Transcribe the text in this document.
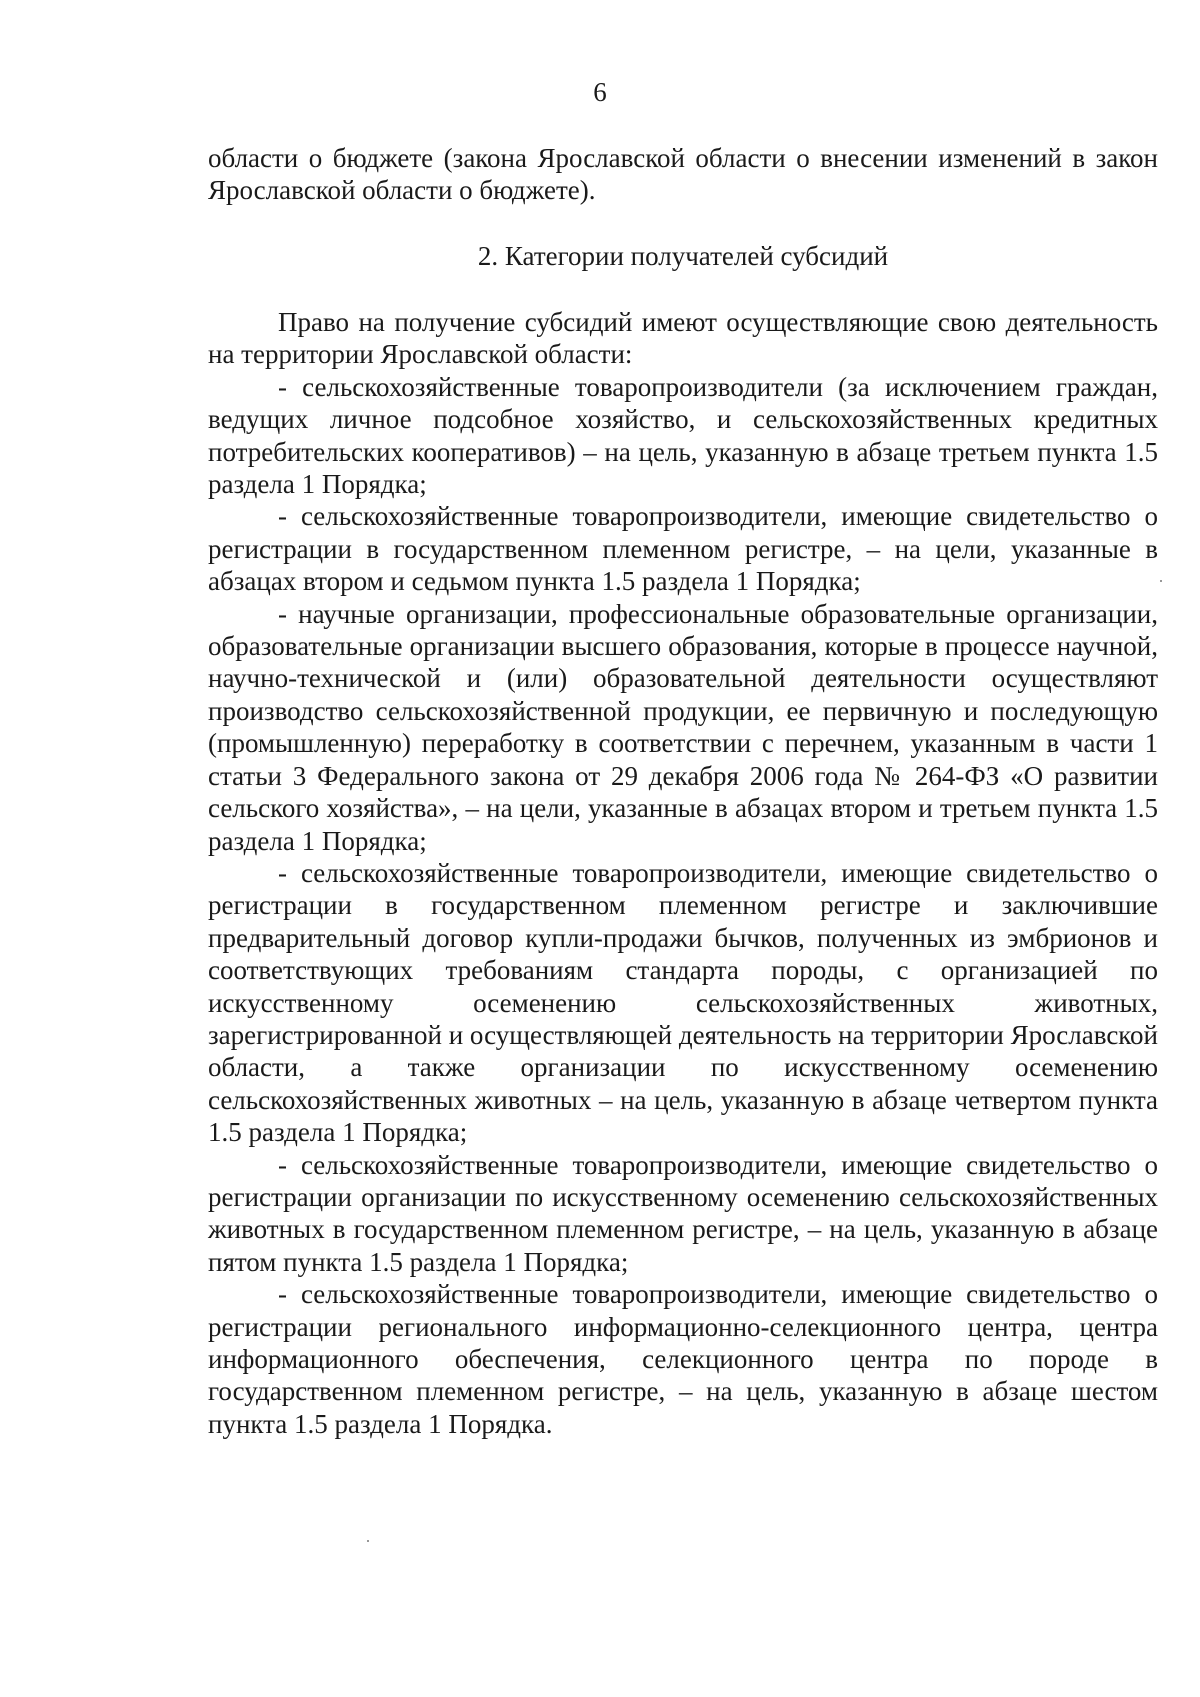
6

области о бюджете (закона Ярославской области о внесении изменений в закон Ярославской области о бюджете).

2. Категории получателей субсидий

Право на получение субсидий имеют осуществляющие свою деятельность на территории Ярославской области:

- сельскохозяйственные товаропроизводители (за исключением граждан, ведущих личное подсобное хозяйство, и сельскохозяйственных кредитных потребительских кооперативов) – на цель, указанную в абзаце третьем пункта 1.5 раздела 1 Порядка;

- сельскохозяйственные товаропроизводители, имеющие свидетельство о регистрации в государственном племенном регистре, – на цели, указанные в абзацах втором и седьмом пункта 1.5 раздела 1 Порядка;

- научные организации, профессиональные образовательные организации, образовательные организации высшего образования, которые в процессе научной, научно-технической и (или) образовательной деятельности осуществляют производство сельскохозяйственной продукции, ее первичную и последующую (промышленную) переработку в соответствии с перечнем, указанным в части 1 статьи 3 Федерального закона от 29 декабря 2006 года № 264-ФЗ «О развитии сельского хозяйства», – на цели, указанные в абзацах втором и третьем пункта 1.5 раздела 1 Порядка;

- сельскохозяйственные товаропроизводители, имеющие свидетельство о регистрации в государственном племенном регистре и заключившие предварительный договор купли-продажи бычков, полученных из эмбрионов и соответствующих требованиям стандарта породы, с организацией по искусственному осеменению сельскохозяйственных животных, зарегистрированной и осуществляющей деятельность на территории Ярославской области, а также организации по искусственному осеменению сельскохозяйственных животных – на цель, указанную в абзаце четвертом пункта 1.5 раздела 1 Порядка;

- сельскохозяйственные товаропроизводители, имеющие свидетельство о регистрации организации по искусственному осеменению сельскохозяйственных животных в государственном племенном регистре, – на цель, указанную в абзаце пятом пункта 1.5 раздела 1 Порядка;

- сельскохозяйственные товаропроизводители, имеющие свидетельство о регистрации регионального информационно-селекционного центра, центра информационного обеспечения, селекционного центра по породе в государственном племенном регистре, – на цель, указанную в абзаце шестом пункта 1.5 раздела 1 Порядка.
